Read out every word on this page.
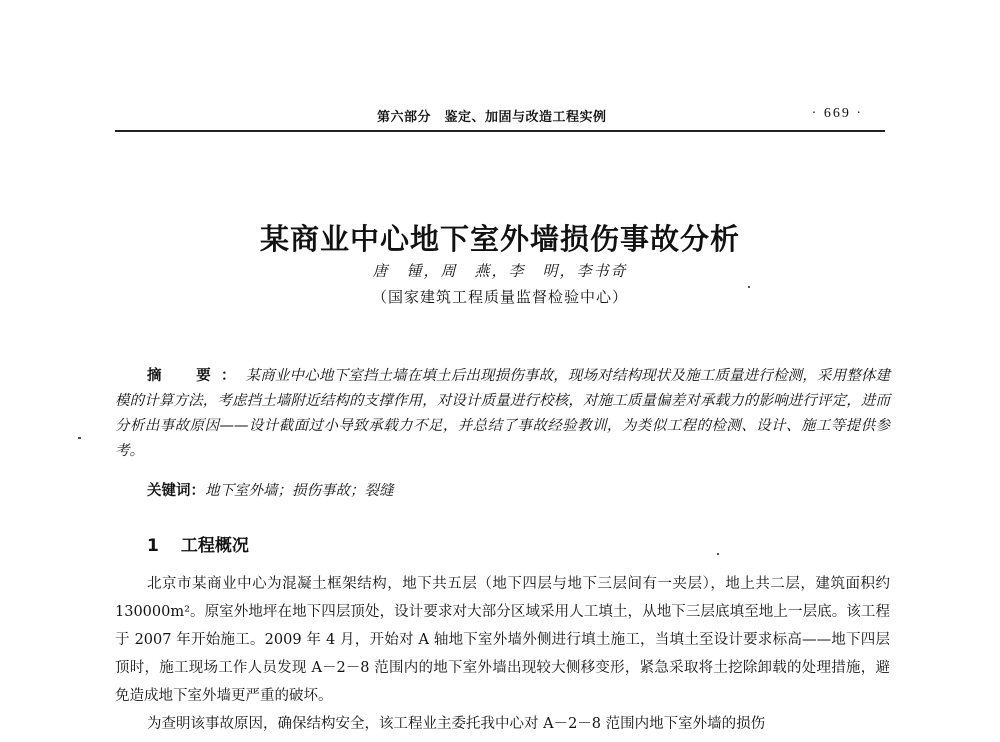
第六部分　鉴定、加固与改造工程实例	· 669 ·
某商业中心地下室外墙损伤事故分析
唐　锺，周　燕，李　明，李书奇
（国家建筑工程质量监督检验中心）
摘　要：某商业中心地下室挡土墙在填土后出现损伤事故，现场对结构现状及施工质量进行检测，采用整体建模的计算方法，考虑挡土墙附近结构的支撑作用，对设计质量进行校核，对施工质量偏差对承载力的影响进行评定，进而分析出事故原因——设计截面过小导致承载力不足，并总结了事故经验教训，为类似工程的检测、设计、施工等提供参考。
关键词：地下室外墙；损伤事故；裂缝
1 工程概况

北京市某商业中心为混凝土框架结构，地下共五层（地下四层与地下三层间有一夹层），地上共二层，建筑面积约 130000m²。原室外地坪在地下四层顶处，设计要求对大部分区域采用人工填土，从地下三层底填至地上一层底。该工程于 2007 年开始施工。2009 年 4 月，开始对 A 轴地下室外墙外侧进行填土施工，当填土至设计要求标高——地下四层顶时，施工现场工作人员发现 A－2－8 范围内的地下室外墙出现较大侧移变形，紧急采取将土挖除卸载的处理措施，避免造成地下室外墙更严重的破坏。

为查明该事故原因，确保结构安全，该工程业主委托我中心对 A－2－8 范围内地下室外墙的损伤
